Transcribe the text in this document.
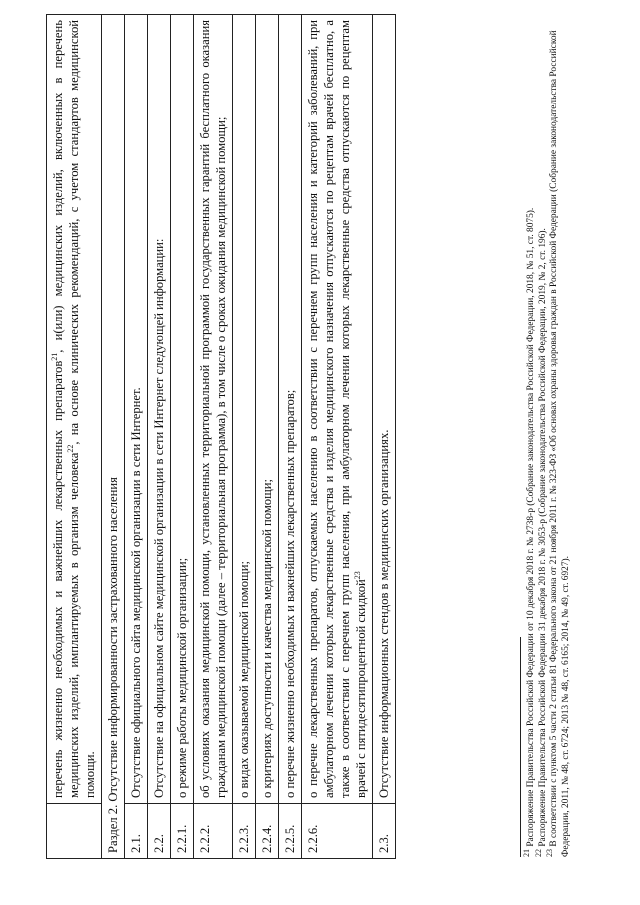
	перечень жизненно необходимых и важнейших лекарственных препаратов$^{21}$, и(или) медицинских изделий, включенных в перечень медицинских изделий, имплантируемых в организм человека$^{22}$, на основе клинических рекомендаций, с учетом стандартов медицинской помощи.
Раздел 2. Отсутствие информированности застрахованного населения	
2.1.	Отсутствие официального сайта медицинской организации в сети Интернет.
2.2.	Отсутствие на официальном сайте медицинской организации в сети Интернет следующей информации:
2.2.1.	о режиме работы медицинской организации;
2.2.2.	об условиях оказания медицинской помощи, установленных территориальной программой государственных гарантий бесплатного оказания гражданам медицинской помощи (далее – территориальная программа), в том числе о сроках ожидания медицинской помощи;
2.2.3.	о видах оказываемой медицинской помощи;
2.2.4.	о критериях доступности и качества медицинской помощи;
2.2.5.	о перечне жизненно необходимых и важнейших лекарственных препаратов;
2.2.6.	о перечне лекарственных препаратов, отпускаемых населению в соответствии с перечнем групп населения и категорий заболеваний, при амбулаторном лечении которых лекарственные средства и изделия медицинского назначения отпускаются по рецептам врачей бесплатно, а также в соответствии с перечнем групп населения, при амбулаторном лечении которых лекарственные средства отпускаются по рецептам врачей с пятидесятипроцентной скидкой$^{23}$
2.3.	Отсутствие информационных стендов в медицинских организациях.
$^{21}$ Распоряжение Правительства Российской Федерации от 10 декабря 2018 г. № 2738-р (Собрание законодательства Российской Федерации, 2018, № 51, ст. 8075).
$^{22}$ Распоряжение Правительства Российской Федерации 31 декабря 2018 г. № 3053-р (Собрание законодательства Российской Федерации, 2019, № 2, ст. 196).
$^{23}$ В соответствии с пунктом 5 части 2 статьи 81 Федерального закона от 21 ноября 2011 г. № 323-ФЗ «Об основах охраны здоровья граждан в Российской Федерации (Собрание законодательства Российской Федерации, 2011, № 48, ст. 6724; 2013 № 48, ст. 6165; 2014, № 49, ст. 6927).
